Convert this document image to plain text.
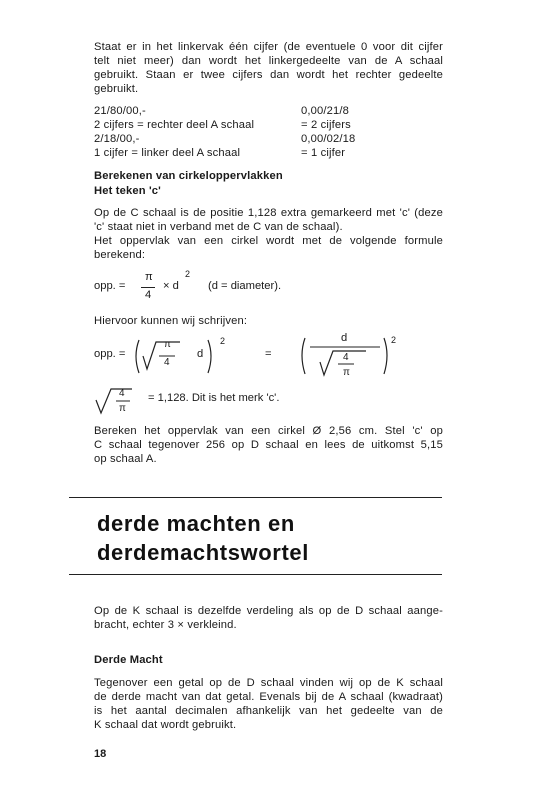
Staat er in het linkervak één cijfer (de eventuele 0 voor dit cijfer
telt niet meer) dan wordt het linkergedeelte van de A schaal
gebruikt. Staan er twee cijfers dan wordt het rechter gedeelte
gebruikt.
21/80/00,-	0,00/21/8
2 cijfers = rechter deel A schaal	= 2 cijfers
2/18/00,-	0,00/02/18
1 cijfer = linker deel A schaal	= 1 cijfer
Berekenen van cirkeloppervlakken
Het teken 'c'
Op de C schaal is de positie 1,128 extra gemarkeerd met 'c' (deze
'c' staat niet in verband met de C van de schaal).
Het oppervlak van een cirkel wordt met de volgende formule
berekend:
opp. =
π
4
× d
2
(d = diameter).
Hiervoor kunnen wij schrijven:
opp. =
π
4
d
2
=
d
4
π
2
4
π
= 1,128. Dit is het merk 'c'.
Bereken het oppervlak van een cirkel Ø 2,56 cm. Stel 'c' op
C schaal tegenover 256 op D schaal en lees de uitkomst 5,15
op schaal A.
derde machten en
derdemachtswortel
Op de K schaal is dezelfde verdeling als op de D schaal aange-
bracht, echter 3 × verkleind.
Derde Macht
Tegenover een getal op de D schaal vinden wij op de K schaal
de derde macht van dat getal. Evenals bij de A schaal (kwadraat)
is het aantal decimalen afhankelijk van het gedeelte van de
K schaal dat wordt gebruikt.
18
